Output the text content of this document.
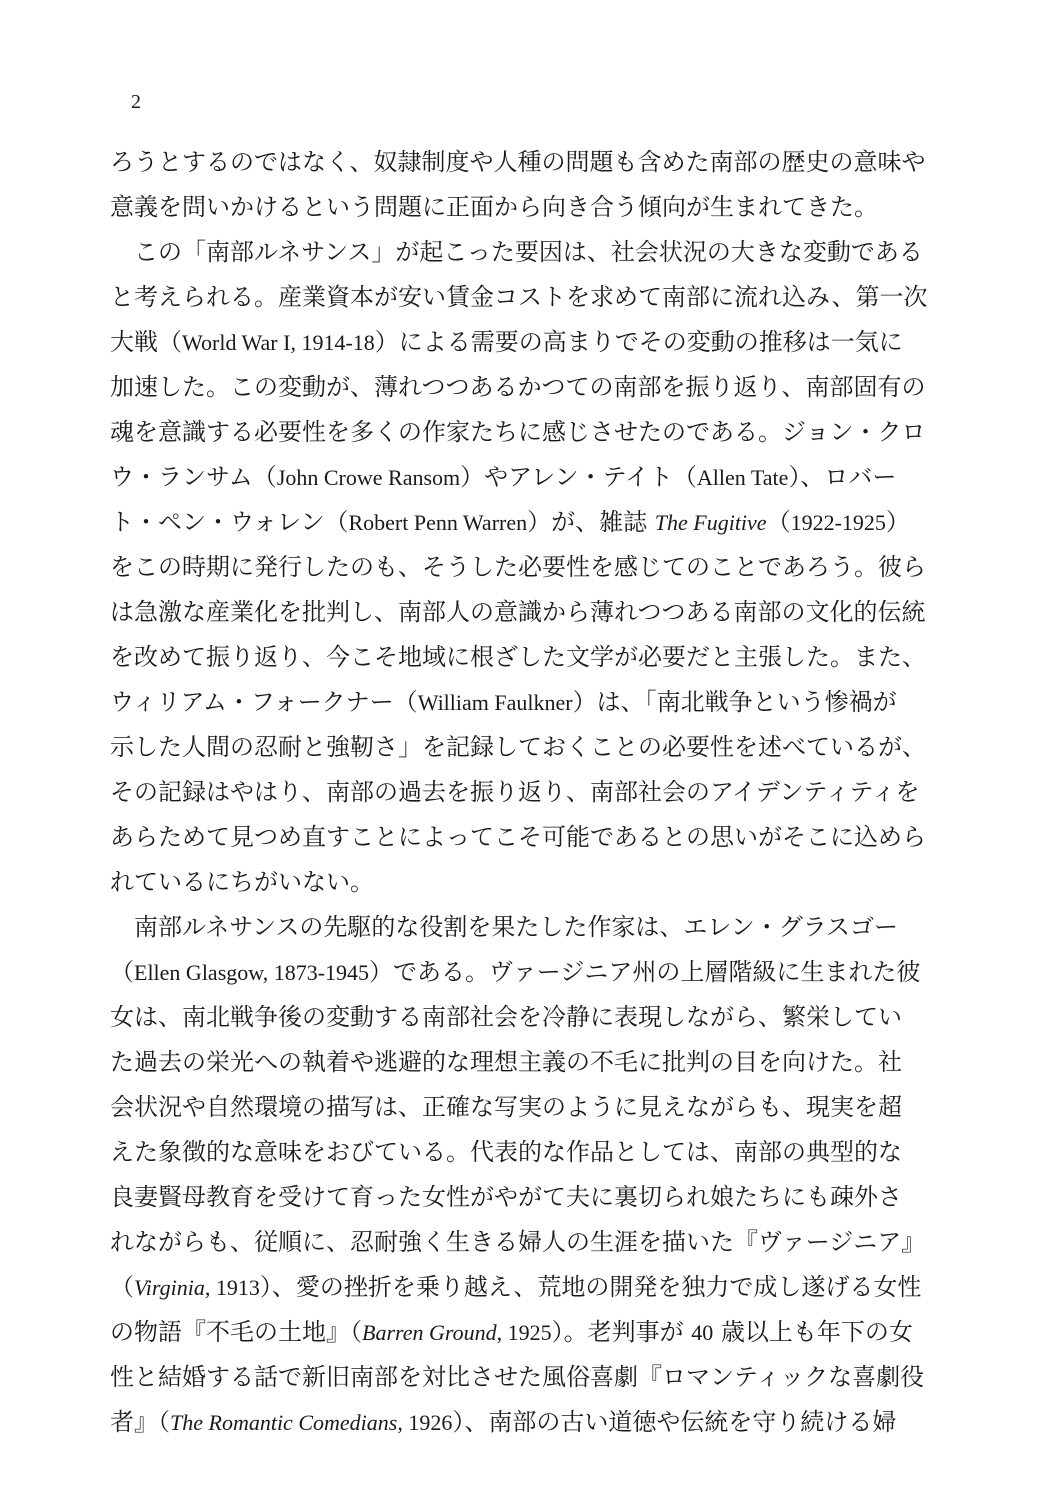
2
ろうとするのではなく、奴隷制度や人種の問題も含めた南部の歴史の意味や
意義を問いかけるという問題に正面から向き合う傾向が生まれてきた。
　この「南部ルネサンス」が起こった要因は、社会状況の大きな変動である
と考えられる。産業資本が安い賃金コストを求めて南部に流れ込み、第一次
大戦（World War I, 1914-18）による需要の高まりでその変動の推移は一気に
加速した。この変動が、薄れつつあるかつての南部を振り返り、南部固有の
魂を意識する必要性を多くの作家たちに感じさせたのである。ジョン・クロ
ウ・ランサム（John Crowe Ransom）やアレン・テイト（Allen Tate）、ロバー
ト・ペン・ウォレン（Robert Penn Warren）が、雑誌 The Fugitive（1922-1925）
をこの時期に発行したのも、そうした必要性を感じてのことであろう。彼ら
は急激な産業化を批判し、南部人の意識から薄れつつある南部の文化的伝統
を改めて振り返り、今こそ地域に根ざした文学が必要だと主張した。また、
ウィリアム・フォークナー（William Faulkner）は、「南北戦争という惨禍が
示した人間の忍耐と強靭さ」を記録しておくことの必要性を述べているが、
その記録はやはり、南部の過去を振り返り、南部社会のアイデンティティを
あらためて見つめ直すことによってこそ可能であるとの思いがそこに込めら
れているにちがいない。
　南部ルネサンスの先駆的な役割を果たした作家は、エレン・グラスゴー
（Ellen Glasgow, 1873-1945）である。ヴァージニア州の上層階級に生まれた彼
女は、南北戦争後の変動する南部社会を冷静に表現しながら、繁栄してい
た過去の栄光への執着や逃避的な理想主義の不毛に批判の目を向けた。社
会状況や自然環境の描写は、正確な写実のように見えながらも、現実を超
えた象徴的な意味をおびている。代表的な作品としては、南部の典型的な
良妻賢母教育を受けて育った女性がやがて夫に裏切られ娘たちにも疎外さ
れながらも、従順に、忍耐強く生きる婦人の生涯を描いた『ヴァージニア』
（Virginia, 1913）、愛の挫折を乗り越え、荒地の開発を独力で成し遂げる女性
の物語『不毛の土地』（Barren Ground, 1925）。老判事が 40 歳以上も年下の女
性と結婚する話で新旧南部を対比させた風俗喜劇『ロマンティックな喜劇役
者』（The Romantic Comedians, 1926）、南部の古い道徳や伝統を守り続ける婦
